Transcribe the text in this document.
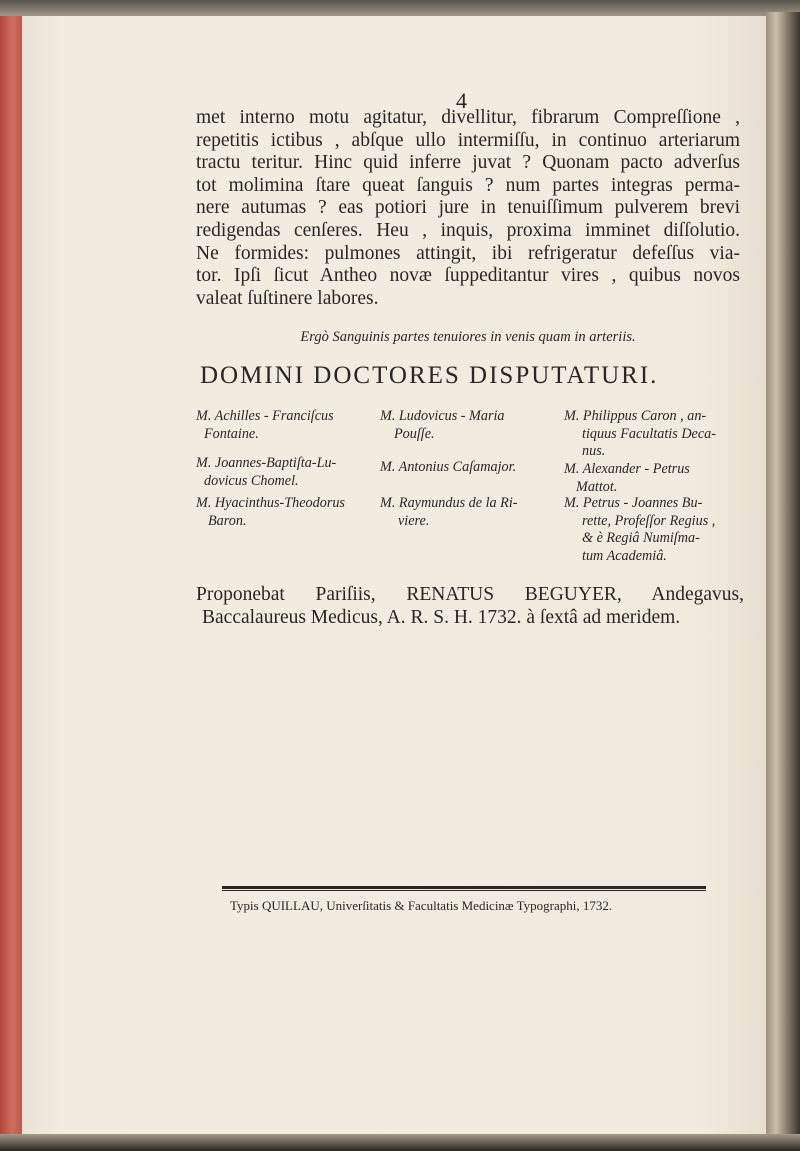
4
met interno motu agitatur, divellitur, fibrarum Compreſſione ,
repetitis ictibus , abſque ullo intermiſſu, in continuo arteriarum
tractu teritur. Hinc quid inferre juvat ? Quonam pacto adverſus
tot molimina ſtare queat ſanguis ? num partes integras perma-
nere autumas ? eas potiori jure in tenuiſſimum pulverem brevi
redigendas cenſeres. Heu , inquis, proxima imminet diſſolutio.
Ne formides: pulmones attingit, ibi refrigeratur defeſſus via-
tor. Ipſi ſicut Antheo novæ ſuppeditantur vires , quibus novos
valeat ſuſtinere labores.
Ergò Sanguinis partes tenuiores in venis quam in arteriis.
DOMINI DOCTORES DISPUTATURI.
M. Achilles - Franciſcus
Fontaine.
M. Joannes-Baptiſta-Lu-
dovicus Chomel.
M. Hyacinthus-Theodorus
Baron.
M. Ludovicus - Maria
Pouſſe.
M. Antonius Caſamajor.
M. Raymundus de la Ri-
viere.
M. Philippus Caron , an-
tiquus Facultatis Deca-
nus.
M. Alexander - Petrus
Mattot.
M. Petrus - Joannes Bu-
rette, Profeſſor Regius ,
& è Regiâ Numiſma-
tum Academiâ.
Proponebat Pariſiis, RENATUS BEGUYER, Andegavus,
Baccalaureus Medicus, A. R. S. H. 1732. à ſextâ ad meridem.
Typis QUILLAU, Univerſitatis & Facultatis Medicinæ Typographi, 1732.
